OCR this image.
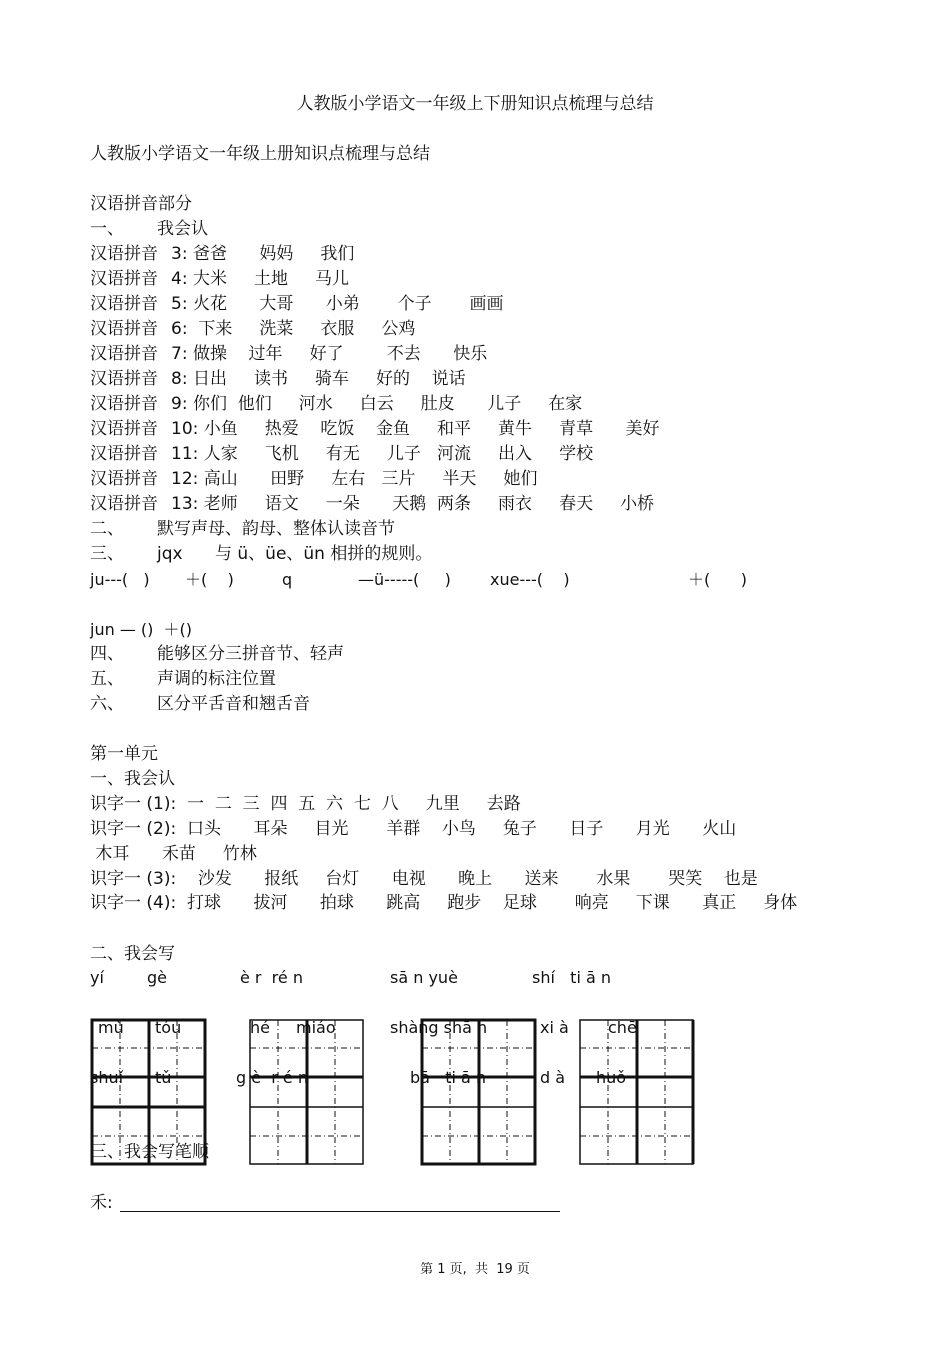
人教版小学语文一年级上下册知识点梳理与总结
人教版小学语文一年级上册知识点梳理与总结
汉语拼音部分
一、 我会认
汉语拼音 3: 爸爸      妈妈     我们
汉语拼音 4: 大米     土地     马儿
汉语拼音 5: 火花      大哥      小弟       个子       画画
汉语拼音 6:  下来     洗菜     衣服     公鸡
汉语拼音 7: 做操    过年     好了        不去      快乐
汉语拼音 8: 日出     读书     骑车     好的    说话
汉语拼音 9: 你们  他们     河水     白云     肚皮      儿子     在家
汉语拼音 10: 小鱼     热爱    吃饭    金鱼     和平     黄牛     青草      美好
汉语拼音 11: 人家     飞机     有无     儿子   河流     出入     学校
汉语拼音 12: 高山      田野     左右   三片     半天     她们
汉语拼音 13: 老师     语文     一朵      天鹅  两条     雨衣     春天     小桥
二、 默写声母、韵母、整体认读音节
三、 jqx      与 ü、üe、ün 相拼的规则。
ju---(   ) ＋(    )	q	—ü-----(     ) xue---(    )	＋(      )
jun — ()  ＋()
四、 能够区分三拼音节、轻声
五、 声调的标注位置
六、 区分平舌音和翘舌音
第一单元
一、我会认
识字一 (1):  一  二  三  四  五  六  七  八     九里     去路
识字一 (2):  口头      耳朵     目光       羊群    小鸟     兔子      日子      月光      火山
木耳      禾苗     竹林
识字一 (3):    沙发      报纸     台灯      电视      晚上      送来       水果       哭笑    也是
识字一 (4):  打球      拔河      拍球      跳高     跑步    足球       响亮     下课      真正     身体
二、我会写
yí	gè	è r  ré n	sā n yuè	shí   ti ā n
mù tóu	hé miáo	shàng shā n	xi à chē
shuǐ tǔ	g è  r é n	bā   ti ā n	d à huǒ
三、我会写笔顺
禾:
第 1 页,  共  19 页
